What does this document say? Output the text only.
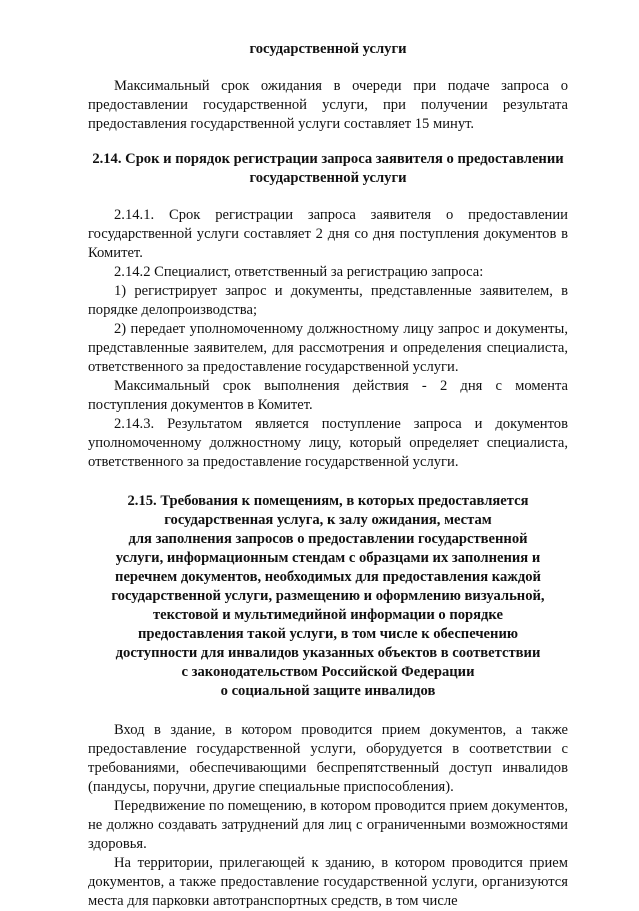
государственной услуги

Максимальный срок ожидания в очереди при подаче запроса о предоставлении государственной услуги, при получении результата предоставления государственной услуги составляет 15 минут.

2.14. Срок и порядок регистрации запроса заявителя о предоставлении государственной услуги

2.14.1. Срок регистрации запроса заявителя о предоставлении государственной услуги составляет 2 дня со дня поступления документов в Комитет.

2.14.2 Специалист, ответственный за регистрацию запроса:

1) регистрирует запрос и документы, представленные заявителем, в порядке делопроизводства;

2) передает уполномоченному должностному лицу запрос и документы, представленные заявителем, для рассмотрения и определения специалиста, ответственного за предоставление государственной услуги.

Максимальный срок выполнения действия - 2 дня с момента поступления документов в Комитет.

2.14.3. Результатом является поступление запроса и документов уполномоченному должностному лицу, который определяет специалиста, ответственного за предоставление государственной услуги.

2.15. Требования к помещениям, в которых предоставляется
государственная услуга, к залу ожидания, местам
для заполнения запросов о предоставлении государственной
услуги, информационным стендам с образцами их заполнения и
перечнем документов, необходимых для предоставления каждой
государственной услуги, размещению и оформлению визуальной,
текстовой и мультимедийной информации о порядке
предоставления такой услуги, в том числе к обеспечению
доступности для инвалидов указанных объектов в соответствии
с законодательством Российской Федерации
о социальной защите инвалидов

Вход в здание, в котором проводится прием документов, а также предоставление государственной услуги, оборудуется в соответствии с требованиями, обеспечивающими беспрепятственный доступ инвалидов (пандусы, поручни, другие специальные приспособления).

Передвижение по помещению, в котором проводится прием документов, не должно создавать затруднений для лиц с ограниченными возможностями здоровья.

На территории, прилегающей к зданию, в котором проводится прием документов, а также предоставление государственной услуги, организуются места для парковки автотранспортных средств, в том числе
